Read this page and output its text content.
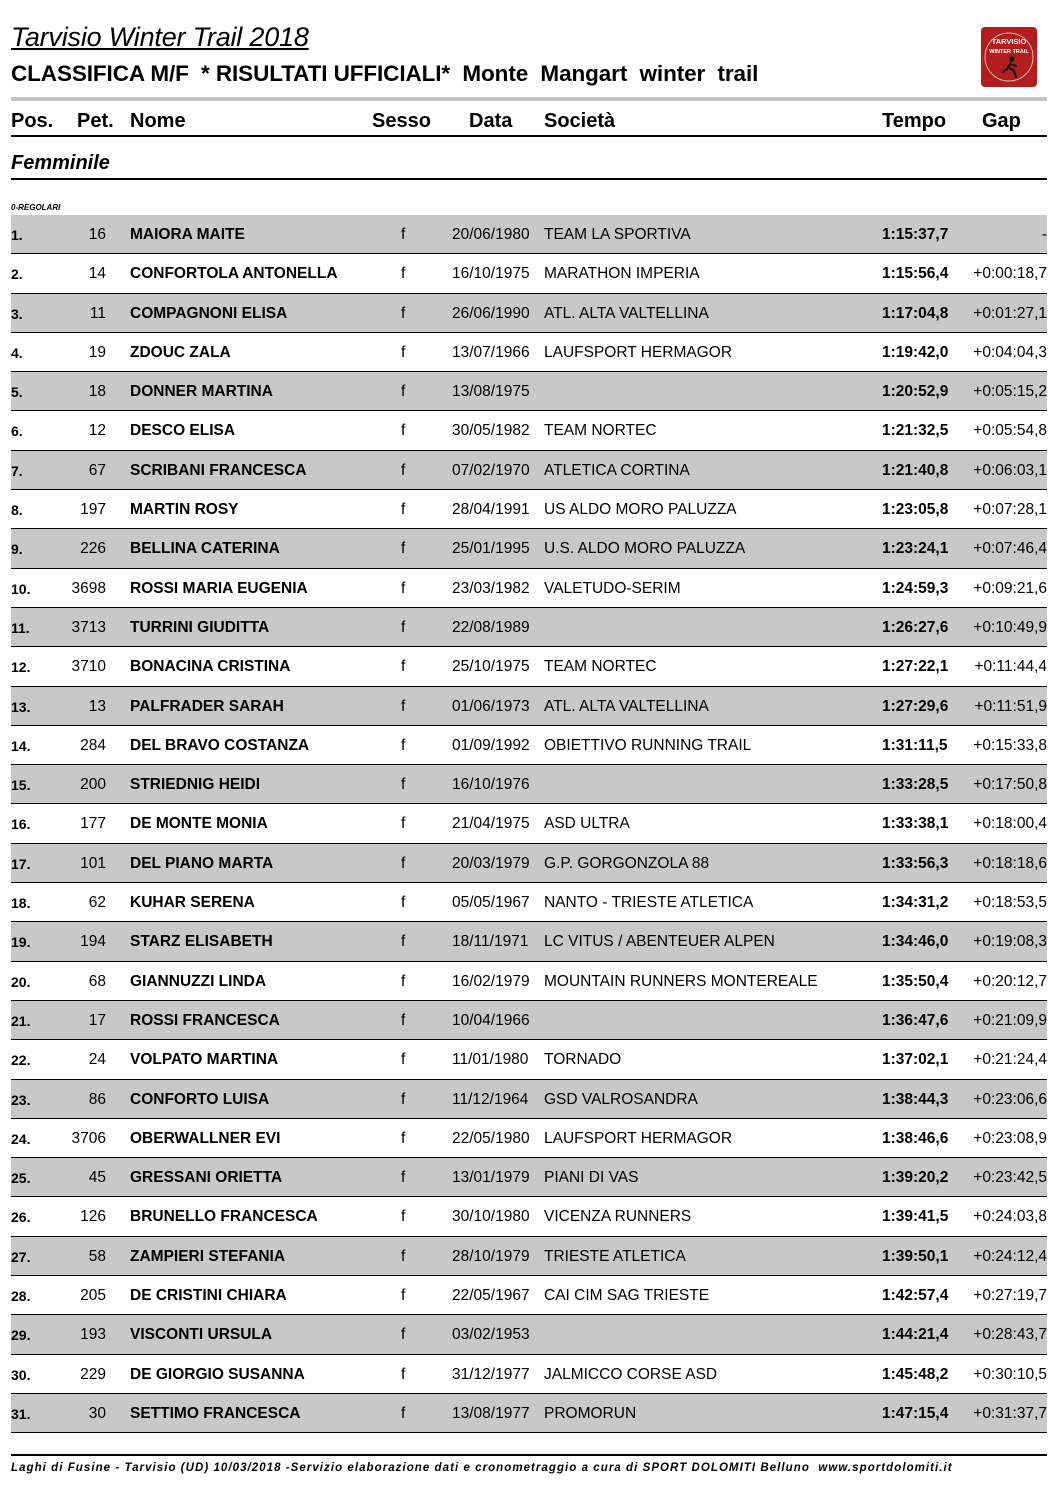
Tarvisio Winter Trail 2018
CLASSIFICA M/F  * RISULTATI UFFICIALI*  Monte  Mangart  winter  trail
TARVISIO
WINTER TRAIL
Pos. Pet. Nome	Sesso Data Società	Tempo Gap
Femminile
0-REGOLARI
1.	16 MAIORA MAITE	f	20/06/1980 TEAM LA SPORTIVA	1:15:37,7	-
2.	14 CONFORTOLA ANTONELLA	f	16/10/1975 MARATHON IMPERIA	1:15:56,4 +0:00:18,7
3.	11 COMPAGNONI ELISA	f	26/06/1990 ATL. ALTA VALTELLINA	1:17:04,8 +0:01:27,1
4.	19 ZDOUC ZALA	f	13/07/1966 LAUFSPORT HERMAGOR	1:19:42,0 +0:04:04,3
5.	18 DONNER MARTINA	f	13/08/1975	1:20:52,9 +0:05:15,2
6.	12 DESCO ELISA	f	30/05/1982 TEAM NORTEC	1:21:32,5 +0:05:54,8
7.	67 SCRIBANI FRANCESCA	f	07/02/1970 ATLETICA CORTINA	1:21:40,8 +0:06:03,1
8.	197 MARTIN ROSY	f	28/04/1991 US ALDO MORO PALUZZA	1:23:05,8 +0:07:28,1
9.	226 BELLINA CATERINA	f	25/01/1995 U.S. ALDO MORO PALUZZA	1:23:24,1 +0:07:46,4
10.	3698 ROSSI MARIA EUGENIA	f	23/03/1982 VALETUDO-SERIM	1:24:59,3 +0:09:21,6
11.	3713 TURRINI GIUDITTA	f	22/08/1989	1:26:27,6 +0:10:49,9
12.	3710 BONACINA CRISTINA	f	25/10/1975 TEAM NORTEC	1:27:22,1 +0:11:44,4
13.	13 PALFRADER SARAH	f	01/06/1973 ATL. ALTA VALTELLINA	1:27:29,6 +0:11:51,9
14.	284 DEL BRAVO COSTANZA	f	01/09/1992 OBIETTIVO RUNNING TRAIL	1:31:11,5 +0:15:33,8
15.	200 STRIEDNIG HEIDI	f	16/10/1976	1:33:28,5 +0:17:50,8
16.	177 DE MONTE MONIA	f	21/04/1975 ASD ULTRA	1:33:38,1 +0:18:00,4
17.	101 DEL PIANO MARTA	f	20/03/1979 G.P. GORGONZOLA 88	1:33:56,3 +0:18:18,6
18.	62 KUHAR SERENA	f	05/05/1967 NANTO - TRIESTE ATLETICA	1:34:31,2 +0:18:53,5
19.	194 STARZ ELISABETH	f	18/11/1971 LC VITUS / ABENTEUER ALPEN	1:34:46,0 +0:19:08,3
20.	68 GIANNUZZI LINDA	f	16/02/1979 MOUNTAIN RUNNERS MONTEREALE	1:35:50,4 +0:20:12,7
21.	17 ROSSI FRANCESCA	f	10/04/1966	1:36:47,6 +0:21:09,9
22.	24 VOLPATO MARTINA	f	11/01/1980 TORNADO	1:37:02,1 +0:21:24,4
23.	86 CONFORTO LUISA	f	11/12/1964 GSD VALROSANDRA	1:38:44,3 +0:23:06,6
24.	3706 OBERWALLNER EVI	f	22/05/1980 LAUFSPORT HERMAGOR	1:38:46,6 +0:23:08,9
25.	45 GRESSANI ORIETTA	f	13/01/1979 PIANI DI VAS	1:39:20,2 +0:23:42,5
26.	126 BRUNELLO FRANCESCA	f	30/10/1980 VICENZA RUNNERS	1:39:41,5 +0:24:03,8
27.	58 ZAMPIERI STEFANIA	f	28/10/1979 TRIESTE ATLETICA	1:39:50,1 +0:24:12,4
28.	205 DE CRISTINI CHIARA	f	22/05/1967 CAI CIM SAG TRIESTE	1:42:57,4 +0:27:19,7
29.	193 VISCONTI URSULA	f	03/02/1953	1:44:21,4 +0:28:43,7
30.	229 DE GIORGIO SUSANNA	f	31/12/1977 JALMICCO CORSE ASD	1:45:48,2 +0:30:10,5
31.	30 SETTIMO FRANCESCA	f	13/08/1977 PROMORUN	1:47:15,4 +0:31:37,7
Laghi di Fusine - Tarvisio (UD) 10/03/2018 -Servizio elaborazione dati e cronometraggio a cura di SPORT DOLOMITI Belluno  www.sportdolomiti.it
